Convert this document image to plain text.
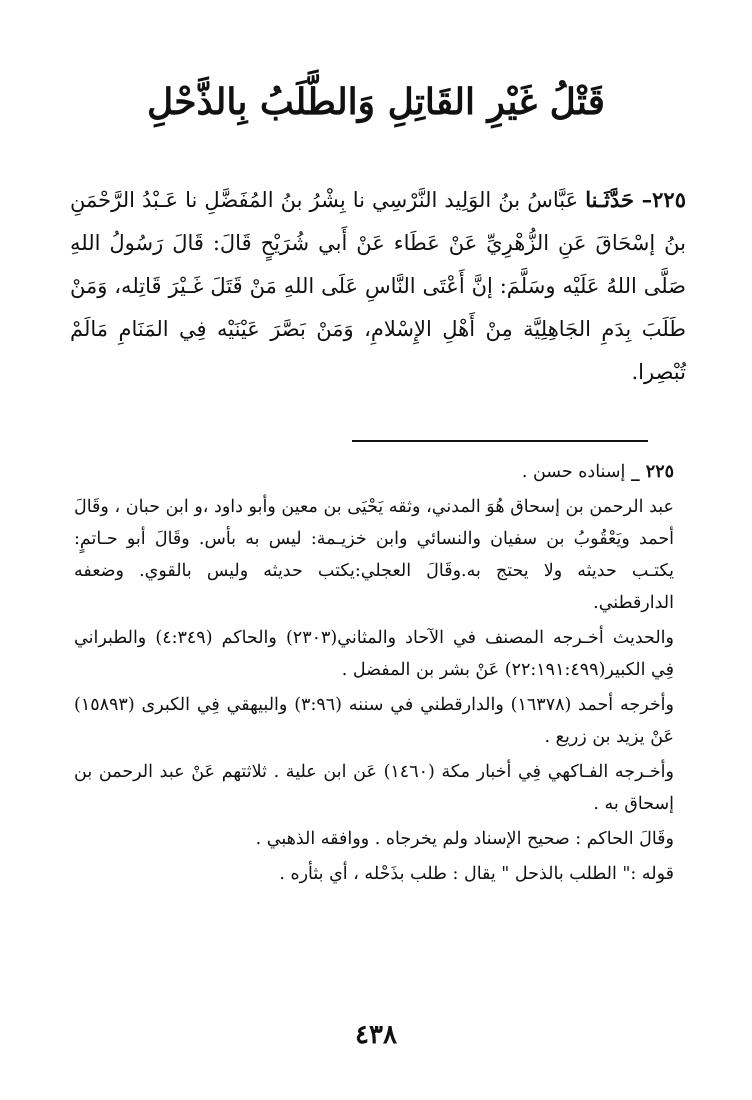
قَتْلُ غَيْرِ القَاتِلِ وَالطَّلَبُ بِالذَّحْلِ
٢٢٥– حَدَّثَـنا عَبَّاسُ بنُ الوَلِيد النَّرْسِي نا بِشْرُ بنُ المُفَضَّلِ نا عَـبْدُ الرَّحْمَنِ بنُ إسْحَاقَ عَنِ الزُّهْرِيِّ عَنْ عَطَاء عَنْ أَبي شُرَيْحٍ قَالَ: قَالَ رَسُولُ اللهِ صَلَّى اللهُ عَلَيْه وسَلَّمَ: إنَّ أَعْتَى النَّاسِ عَلَى اللهِ مَنْ قَتَلَ غَـيْرَ قَاتِله، وَمَنْ طَلَبَ بِدَمِ الجَاهِلِيَّة مِنْ أَهْلِ الإِسْلامِ، وَمَنْ بَصَّرَ عَيْنَيْه فِي المَنَامِ مَالَمْ تُبْصِرا.

٢٢٥ _ إسناده حسن .

عبد الرحمن بن إسحاق هُوَ المدني، وثقه يَحْيَى بن معين وأبو داود ،و ابن حبان ، وقَالَ أحمد ويَعْقُوبُ بن سفيان والنسائي وابن خزيـمة: ليس به بأس. وقَالَ أبو حـاتمٍ: يكتـب حديثه ولا يحتج به.وقَالَ العجلي:يكتب حديثه وليس بالقوي. وضعفه الدارقطني.

والحديث أخـرجه المصنف في الآحاد والمثاني(٢٣٠٣) والحاكم (٤:٣٤٩) والطبراني فِي الكبير(٢٢:١٩١:٤٩٩) عَنْ بشر بن المفضل .

وأخرجه أحمد (١٦٣٧٨) والدارقطني في سننه (٣:٩٦) والبيهقي فِي الكبرى (١٥٨٩٣) عَنْ يزيد بن زريع .

وأخـرجه الفـاكهي فِي أخبار مكة (١٤٦٠) عَن ابن علية . ثلاثتهم عَنْ عبد الرحمن بن إسحاق به .

وقَالَ الحاكم : صحيح الإسناد ولم يخرجاه . ووافقه الذهبي .

قوله :" الطلب بالذحل " يقال : طلب بذَحْله ، أي بثأره .

٤٣٨
